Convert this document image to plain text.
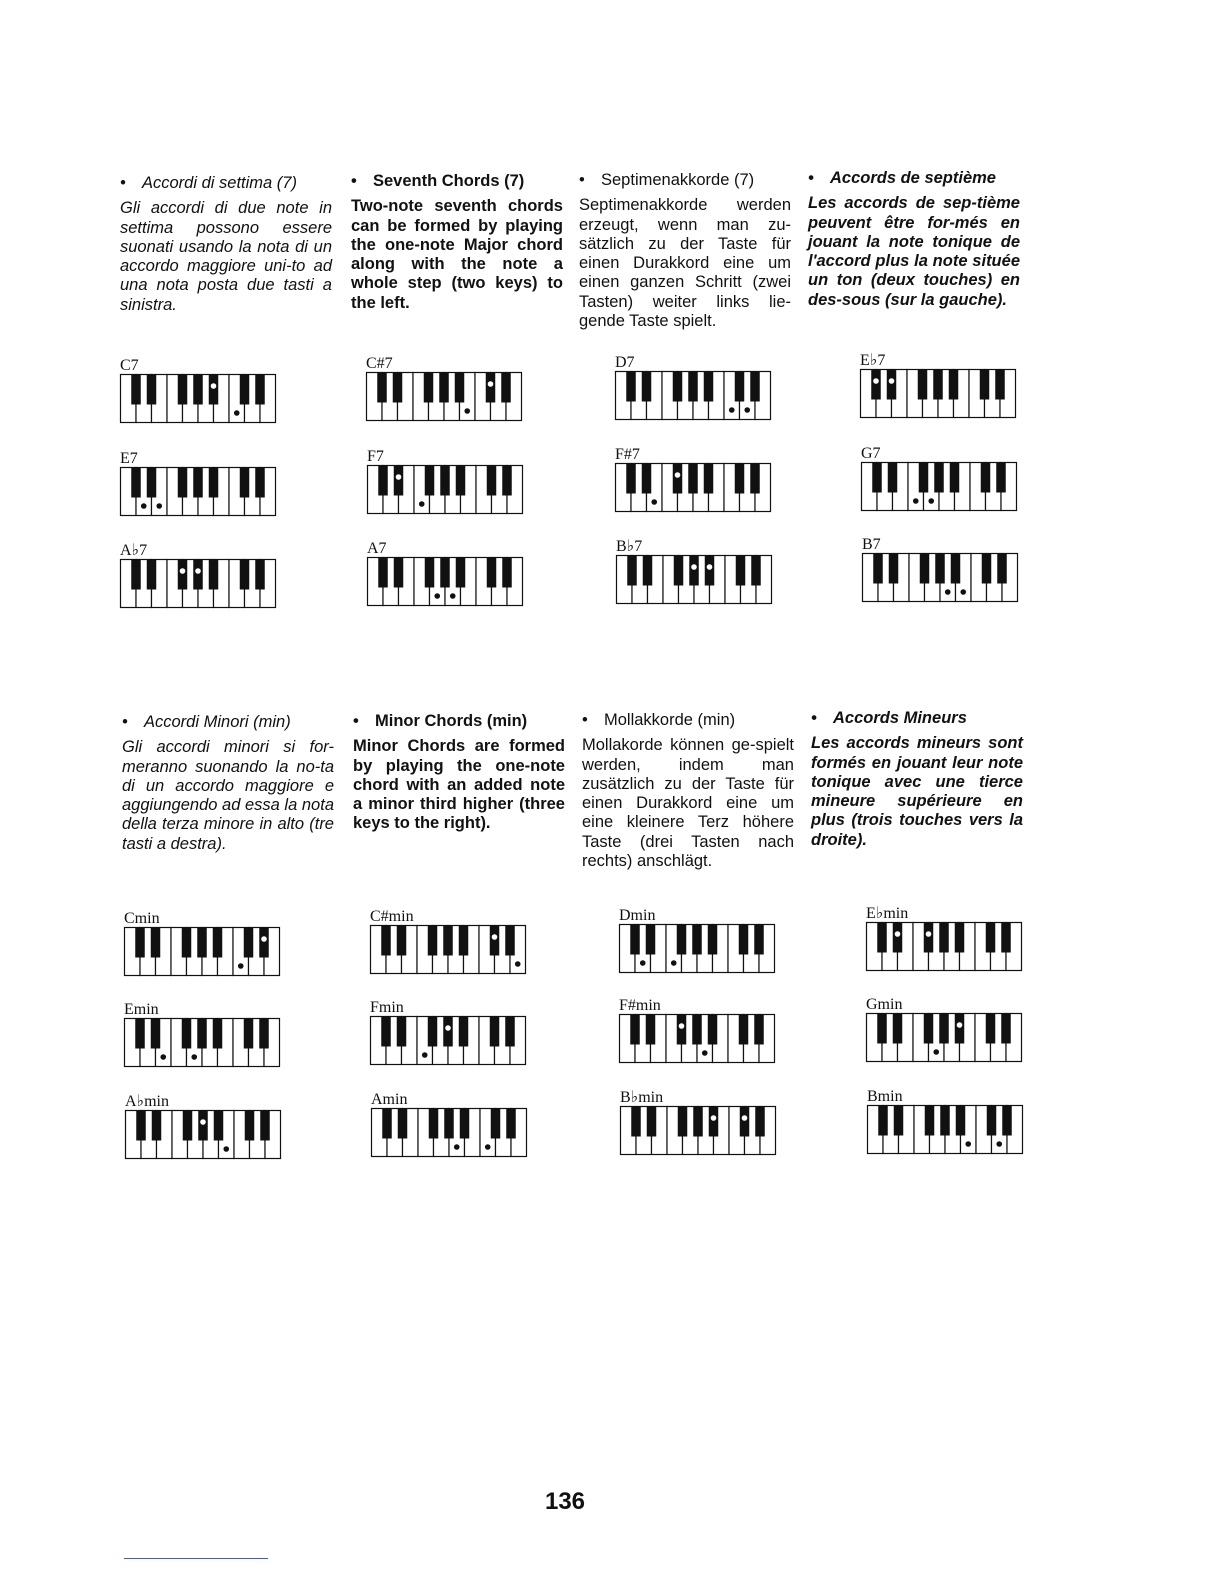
• Accordi di settima (7)

Gli accordi di due note in settima possono essere suonati usando la nota di un accordo maggiore uni-to ad una nota posta due tasti a sinistra.

• Seventh Chords (7)

Two-note seventh chords can be formed by playing the one-note Major chord along with the note a whole step (two keys) to the left.

• Septimenakkorde (7)

Septimenakkorde werden erzeugt, wenn man zu-sätzlich zu der Taste für einen Durakkord eine um einen ganzen Schritt (zwei Tasten) weiter links lie-gende Taste spielt.

• Accords de septième

Les accords de sep-tième peuvent être for-més en jouant la note tonique de l'accord plus la note située un ton (deux touches) en des-sous (sur la gauche).

C7	C#7	D7	E♭7
E7	F7	F#7	G7
A♭7	A7	B♭7	B7
• Accordi Minori (min)

Gli accordi minori si for-meranno suonando la no-ta di un accordo maggiore e aggiungendo ad essa la nota della terza minore in alto (tre tasti a destra).

• Minor Chords (min)

Minor Chords are formed by playing the one-note chord with an added note a minor third higher (three keys to the right).

• Mollakkorde (min)

Mollakorde können ge-spielt werden, indem man zusätzlich zu der Taste für einen Durakkord eine um eine kleinere Terz höhere Taste (drei Tasten nach rechts) anschlägt.

• Accords Mineurs

Les accords mineurs sont formés en jouant leur note tonique avec une tierce mineure supérieure en plus (trois touches vers la droite).

Cmin	C#min	Dmin	E♭min
Emin	Fmin	F#min	Gmin
A♭min	Amin	B♭min	Bmin
136
